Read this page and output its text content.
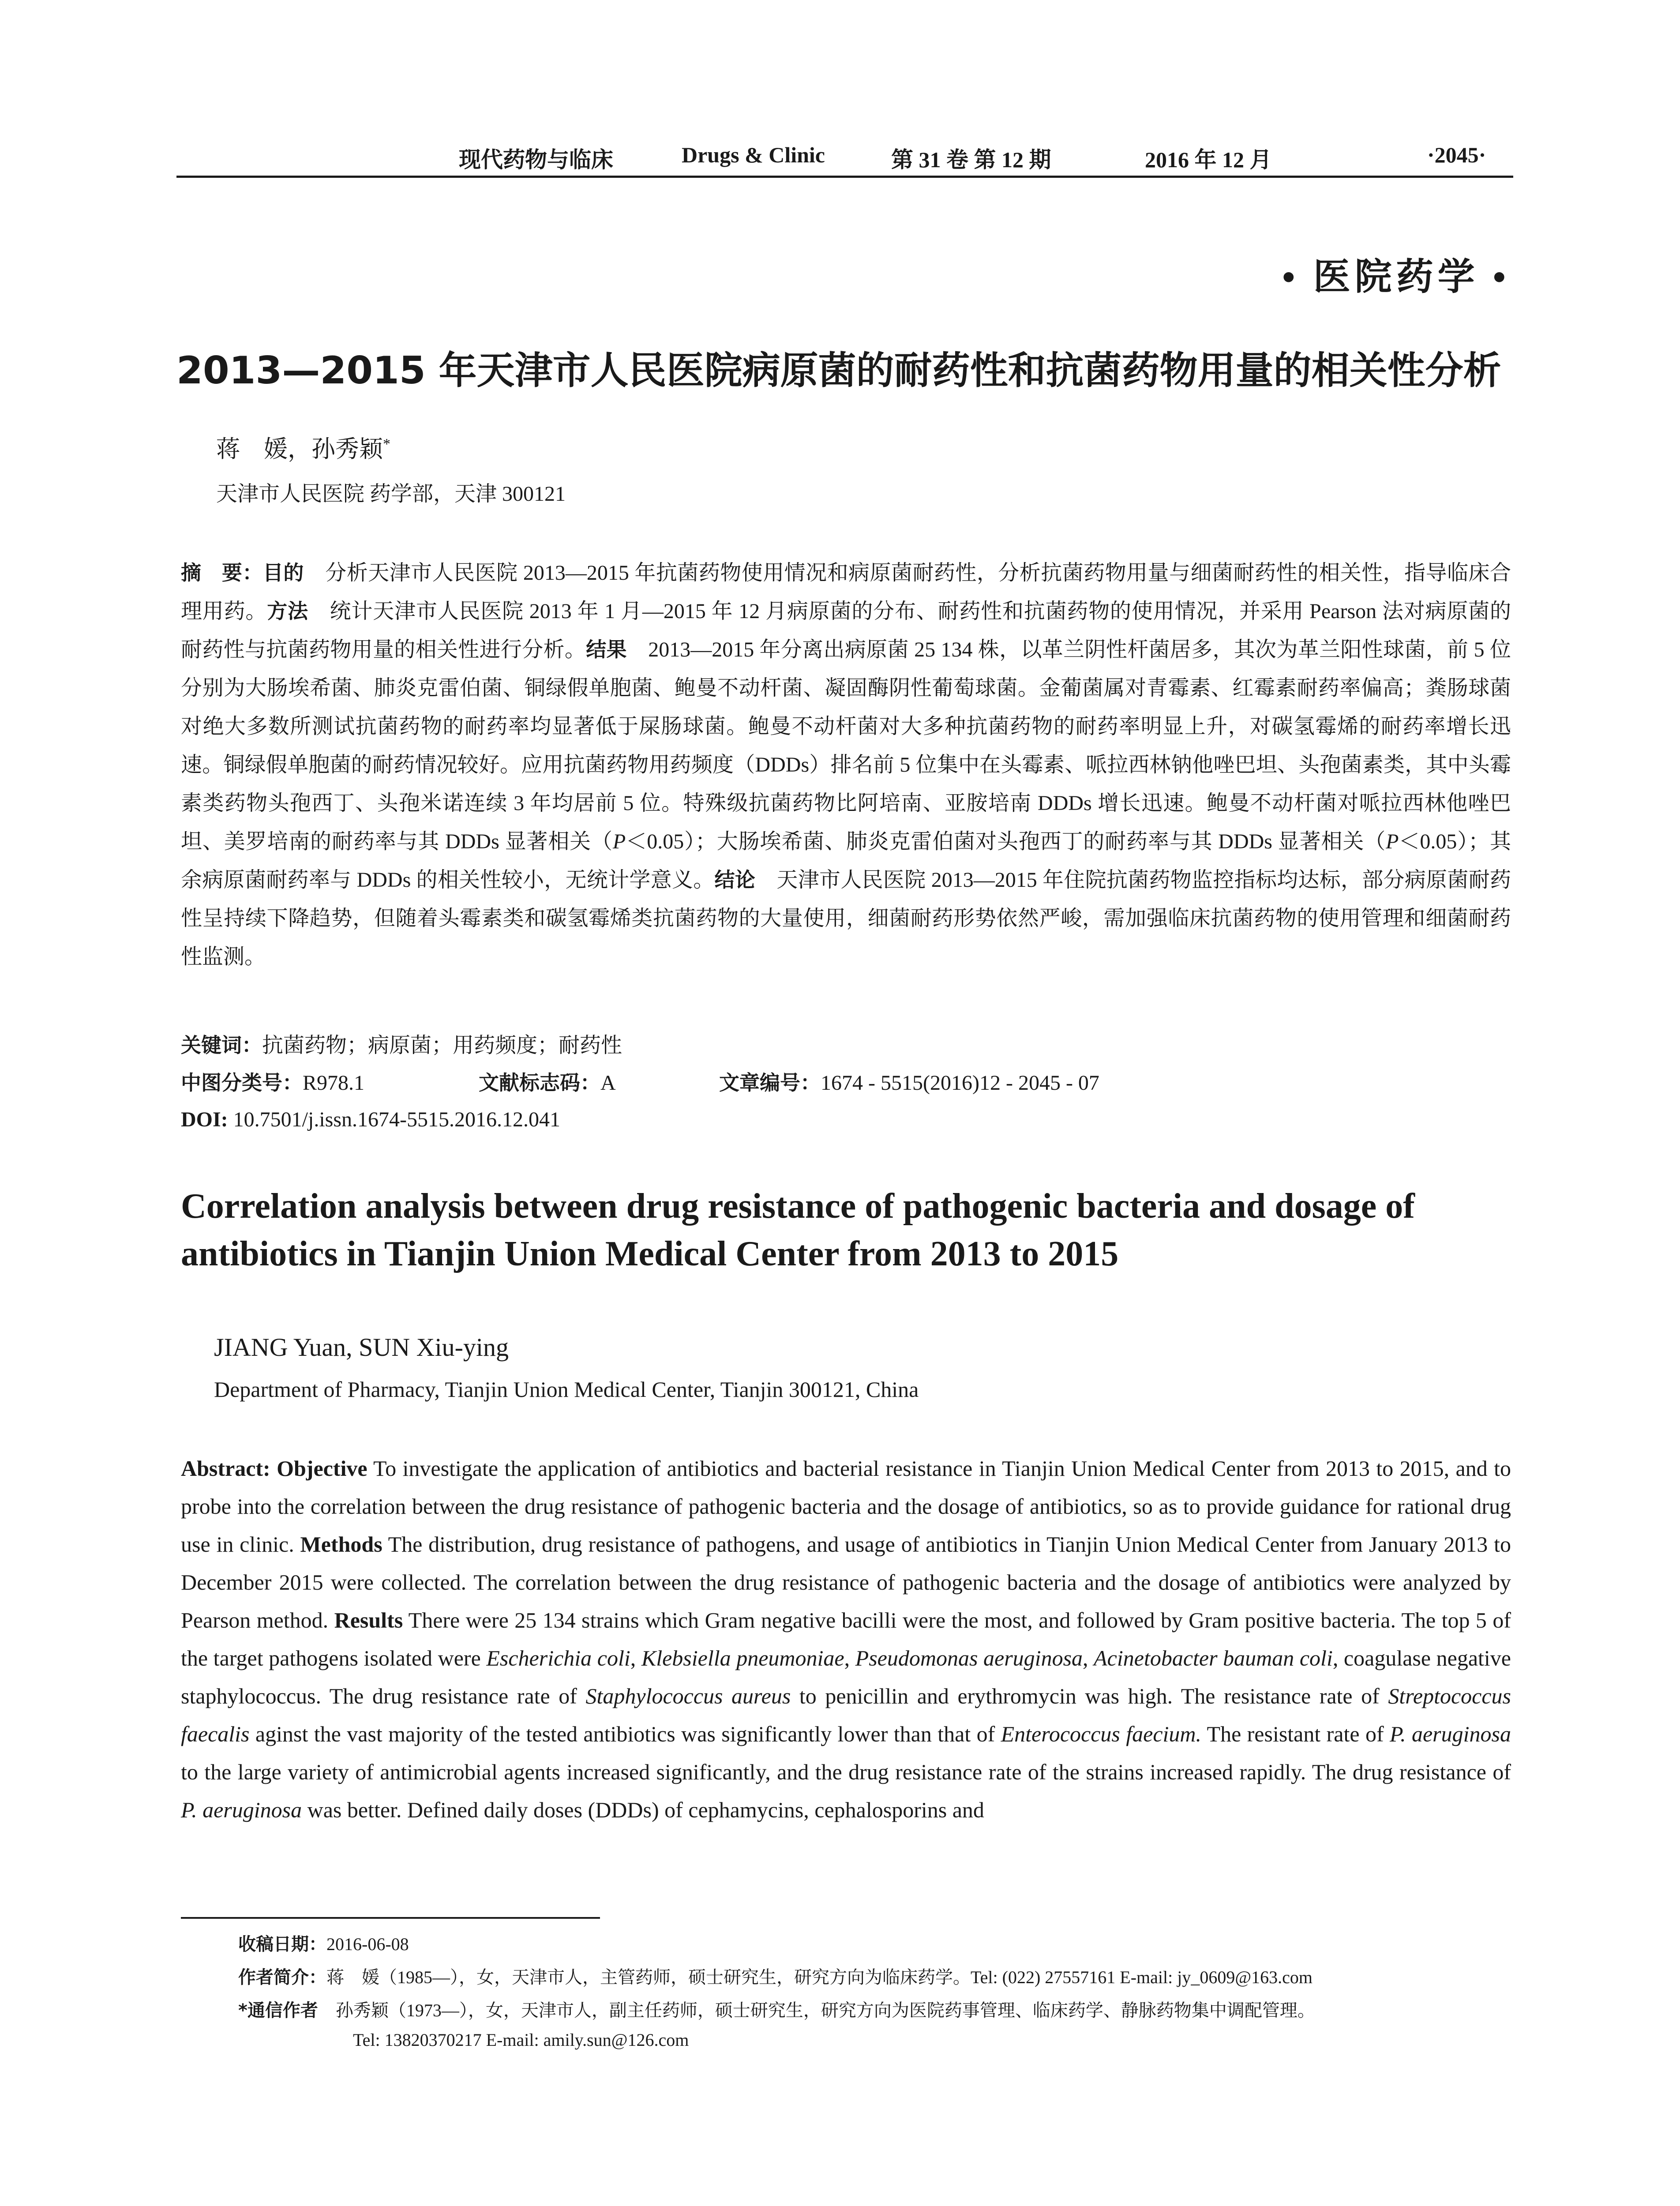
现代药物与临床	Drugs & Clinic	第 31 卷 第 12 期	2016 年 12 月	·2045·
• 医院药学 •
2013—2015 年天津市人民医院病原菌的耐药性和抗菌药物用量的相关性分析
蒋　媛，孙秀颖*
天津市人民医院 药学部，天津 300121
摘　要：目的　分析天津市人民医院 2013—2015 年抗菌药物使用情况和病原菌耐药性，分析抗菌药物用量与细菌耐药性的相关性，指导临床合理用药。方法　统计天津市人民医院 2013 年 1 月—2015 年 12 月病原菌的分布、耐药性和抗菌药物的使用情况，并采用 Pearson 法对病原菌的耐药性与抗菌药物用量的相关性进行分析。结果　2013—2015 年分离出病原菌 25 134 株，以革兰阴性杆菌居多，其次为革兰阳性球菌，前 5 位分别为大肠埃希菌、肺炎克雷伯菌、铜绿假单胞菌、鲍曼不动杆菌、凝固酶阴性葡萄球菌。金葡菌属对青霉素、红霉素耐药率偏高；粪肠球菌对绝大多数所测试抗菌药物的耐药率均显著低于屎肠球菌。鲍曼不动杆菌对大多种抗菌药物的耐药率明显上升，对碳氢霉烯的耐药率增长迅速。铜绿假单胞菌的耐药情况较好。应用抗菌药物用药频度（DDDs）排名前 5 位集中在头霉素、哌拉西林钠他唑巴坦、头孢菌素类，其中头霉素类药物头孢西丁、头孢米诺连续 3 年均居前 5 位。特殊级抗菌药物比阿培南、亚胺培南 DDDs 增长迅速。鲍曼不动杆菌对哌拉西林他唑巴坦、美罗培南的耐药率与其 DDDs 显著相关（P＜0.05）；大肠埃希菌、肺炎克雷伯菌对头孢西丁的耐药率与其 DDDs 显著相关（P＜0.05）；其余病原菌耐药率与 DDDs 的相关性较小，无统计学意义。结论　天津市人民医院 2013—2015 年住院抗菌药物监控指标均达标，部分病原菌耐药性呈持续下降趋势，但随着头霉素类和碳氢霉烯类抗菌药物的大量使用，细菌耐药形势依然严峻，需加强临床抗菌药物的使用管理和细菌耐药性监测。
关键词：抗菌药物；病原菌；用药频度；耐药性
中图分类号：R978.1	文献标志码：A	文章编号：1674 - 5515(2016)12 - 2045 - 07
DOI: 10.7501/j.issn.1674-5515.2016.12.041
Correlation analysis between drug resistance of pathogenic bacteria and dosage of antibiotics in Tianjin Union Medical Center from 2013 to 2015
JIANG Yuan, SUN Xiu-ying
Department of Pharmacy, Tianjin Union Medical Center, Tianjin 300121, China
Abstract: Objective To investigate the application of antibiotics and bacterial resistance in Tianjin Union Medical Center from 2013 to 2015, and to probe into the correlation between the drug resistance of pathogenic bacteria and the dosage of antibiotics, so as to provide guidance for rational drug use in clinic. Methods The distribution, drug resistance of pathogens, and usage of antibiotics in Tianjin Union Medical Center from January 2013 to December 2015 were collected. The correlation between the drug resistance of pathogenic bacteria and the dosage of antibiotics were analyzed by Pearson method. Results There were 25 134 strains which Gram negative bacilli were the most, and followed by Gram positive bacteria. The top 5 of the target pathogens isolated were Escherichia coli, Klebsiella pneumoniae, Pseudomonas aeruginosa, Acinetobacter bauman coli, coagulase negative staphylococcus. The drug resistance rate of Staphylococcus aureus to penicillin and erythromycin was high. The resistance rate of Streptococcus faecalis aginst the vast majority of the tested antibiotics was significantly lower than that of Enterococcus faecium. The resistant rate of P. aeruginosa to the large variety of antimicrobial agents increased significantly, and the drug resistance rate of the strains increased rapidly. The drug resistance of P. aeruginosa was better. Defined daily doses (DDDs) of cephamycins, cephalosporins and
收稿日期：2016-06-08
作者简介：蒋　媛（1985—），女，天津市人，主管药师，硕士研究生，研究方向为临床药学。Tel: (022) 27557161 E-mail: jy_0609@163.com
*通信作者　孙秀颖（1973—），女，天津市人，副主任药师，硕士研究生，研究方向为医院药事管理、临床药学、静脉药物集中调配管理。
Tel: 13820370217 E-mail: amily.sun@126.com
